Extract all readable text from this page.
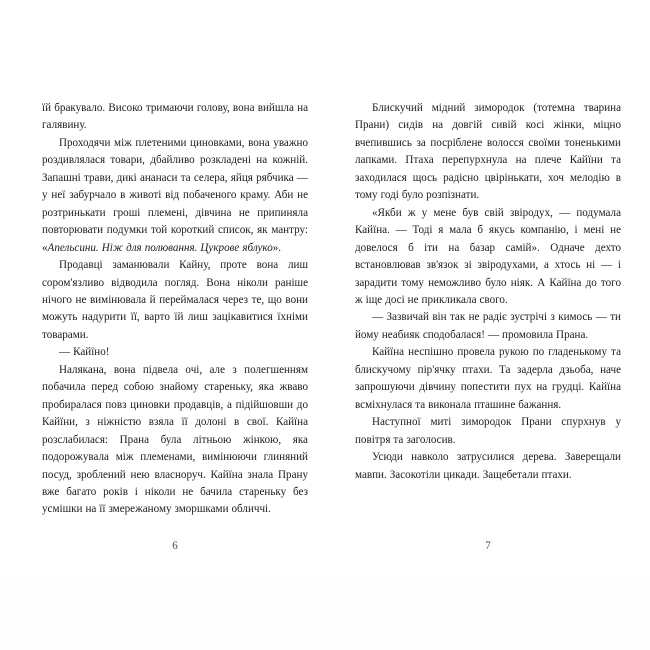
їй бракувало. Високо тримаючи голову, вона вийшла на галявину.

Проходячи між плетеними циновками, вона уважно роздивлялася товари, дбайливо розкладені на кожній. Запашні трави, дикі ананаси та селера, яйця рябчика — у неї забурчало в животі від побаченого краму. Аби не розтринькати гроші племені, дівчина не припиняла повторювати подумки той короткий список, як мантру: «Апельсини. Ніж для полювання. Цукрове яблуко».

Продавці заманювали Кайну, проте вона лиш сором'язливо відводила погляд. Вона ніколи раніше нічого не вимінювала й переймалася через те, що вони можуть надурити її, варто їй лиш зацікавитися їхніми товарами.

— Кайїно!

Налякана, вона підвела очі, але з полегшенням побачила перед собою знайому стареньку, яка жваво пробиралася повз циновки продавців, а підійшовши до Кайїни, з ніжністю взяла її долоні в свої. Кайїна розслабилася: Прана була літньою жінкою, яка подорожувала між племенами, вимінюючи глиняний посуд, зроблений нею власноруч. Кайїна знала Прану вже багато років і ніколи не бачила стареньку без усмішки на її змережаному зморшками обличчі.

6

Блискучий мідний зимородок (тотемна тварина Прани) сидів на довгій сивій косі жінки, міцно вчепившись за посріблене волосся своїми тоненькими лапками. Птаха перепурхнула на плече Кайїни та заходилася щось радісно цвірінькати, хоч мелодію в тому годі було розпізнати.

«Якби ж у мене був свій звіродух, — подумала Кайїна. — Тоді я мала б якусь компанію, і мені не довелося б іти на базар самій». Одначе дехто встановлював зв'язок зі звіродухами, а хтось ні — і зарадити тому неможливо було ніяк. А Кайїна до того ж іще досі не прикликала свого.

— Зазвичай він так не радіє зустрічі з кимось — ти йому неабияк сподобалася! — промовила Прана.

Кайїна неспішно провела рукою по гладенькому та блискучому пір'ячку птахи. Та задерла дзьоба, наче запрошуючи дівчину попестити пух на грудці. Кайїна всміхнулася та виконала пташине бажання.

Наступної миті зимородок Прани спурхнув у повітря та заголосив.

Усюди навколо затрусилися дерева. Заверещали мавпи. Засокотіли цикади. Защебетали птахи.

7
